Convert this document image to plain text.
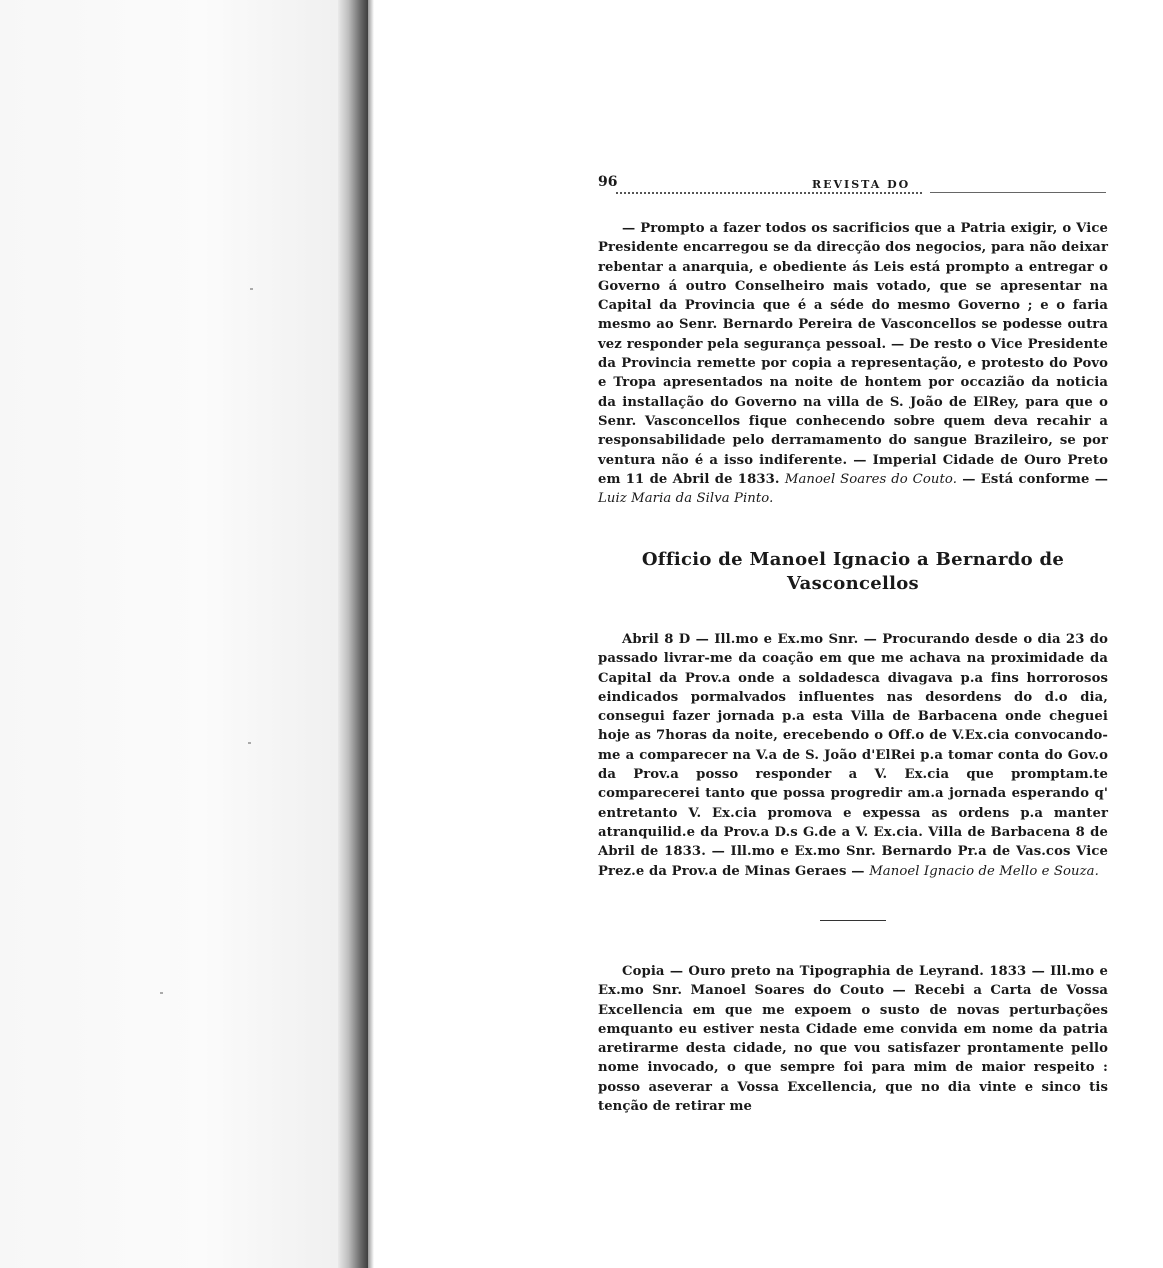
96	REVISTA DO

— Prompto a fazer todos os sacrificios que a Patria exigir, o Vice Presidente encarregou se da direcção dos negocios, para não deixar rebentar a anarquia, e obediente ás Leis está prompto a entregar o Governo á outro Conselheiro mais votado, que se apresentar na Capital da Provincia que é a séde do mesmo Governo ; e o faria mesmo ao Senr. Bernardo Pereira de Vasconcellos se podesse outra vez responder pela segurança pessoal. — De resto o Vice Presidente da Provincia remette por copia a representação, e protesto do Povo e Tropa apresentados na noite de hontem por occazião da noticia da installação do Governo na villa de S. João de ElRey, para que o Senr. Vasconcellos fique conhecendo sobre quem deva recahir a responsabilidade pelo derramamento do sangue Brazileiro, se por ventura não é a isso indiferente. — Imperial Cidade de Ouro Preto em 11 de Abril de 1833. Manoel Soares do Couto. — Está conforme — Luiz Maria da Silva Pinto.

Officio de Manoel Ignacio a Bernardo de Vasconcellos

Abril 8 D — Ill.mo e Ex.mo Snr. — Procurando desde o dia 23 do passado livrar-me da coação em que me achava na proximidade da Capital da Prov.a onde a soldadesca divagava p.a fins horrorosos eindicados pormalvados influentes nas desordens do d.o dia, consegui fazer jornada p.a esta Villa de Barbacena onde cheguei hoje as 7horas da noite, erecebendo o Off.o de V.Ex.cia convocando-me a comparecer na V.a de S. João d'ElRei p.a tomar conta do Gov.o da Prov.a posso responder a V. Ex.cia que promptam.te comparecerei tanto que possa progredir am.a jornada esperando q' entretanto V. Ex.cia promova e expessa as ordens p.a manter atranquilid.e da Prov.a D.s G.de a V. Ex.cia. Villa de Barbacena 8 de Abril de 1833. — Ill.mo e Ex.mo Snr. Bernardo Pr.a de Vas.cos Vice Prez.e da Prov.a de Minas Geraes — Manoel Ignacio de Mello e Souza.

Copia — Ouro preto na Tipographia de Leyrand. 1833 — Ill.mo e Ex.mo Snr. Manoel Soares do Couto — Recebi a Carta de Vossa Excellencia em que me expoem o susto de novas perturbações emquanto eu estiver nesta Cidade eme convida em nome da patria aretirarme desta cidade, no que vou satisfazer prontamente pello nome invocado, o que sempre foi para mim de maior respeito : posso aseverar a Vossa Excellencia, que no dia vinte e sinco tis tenção de retirar me
